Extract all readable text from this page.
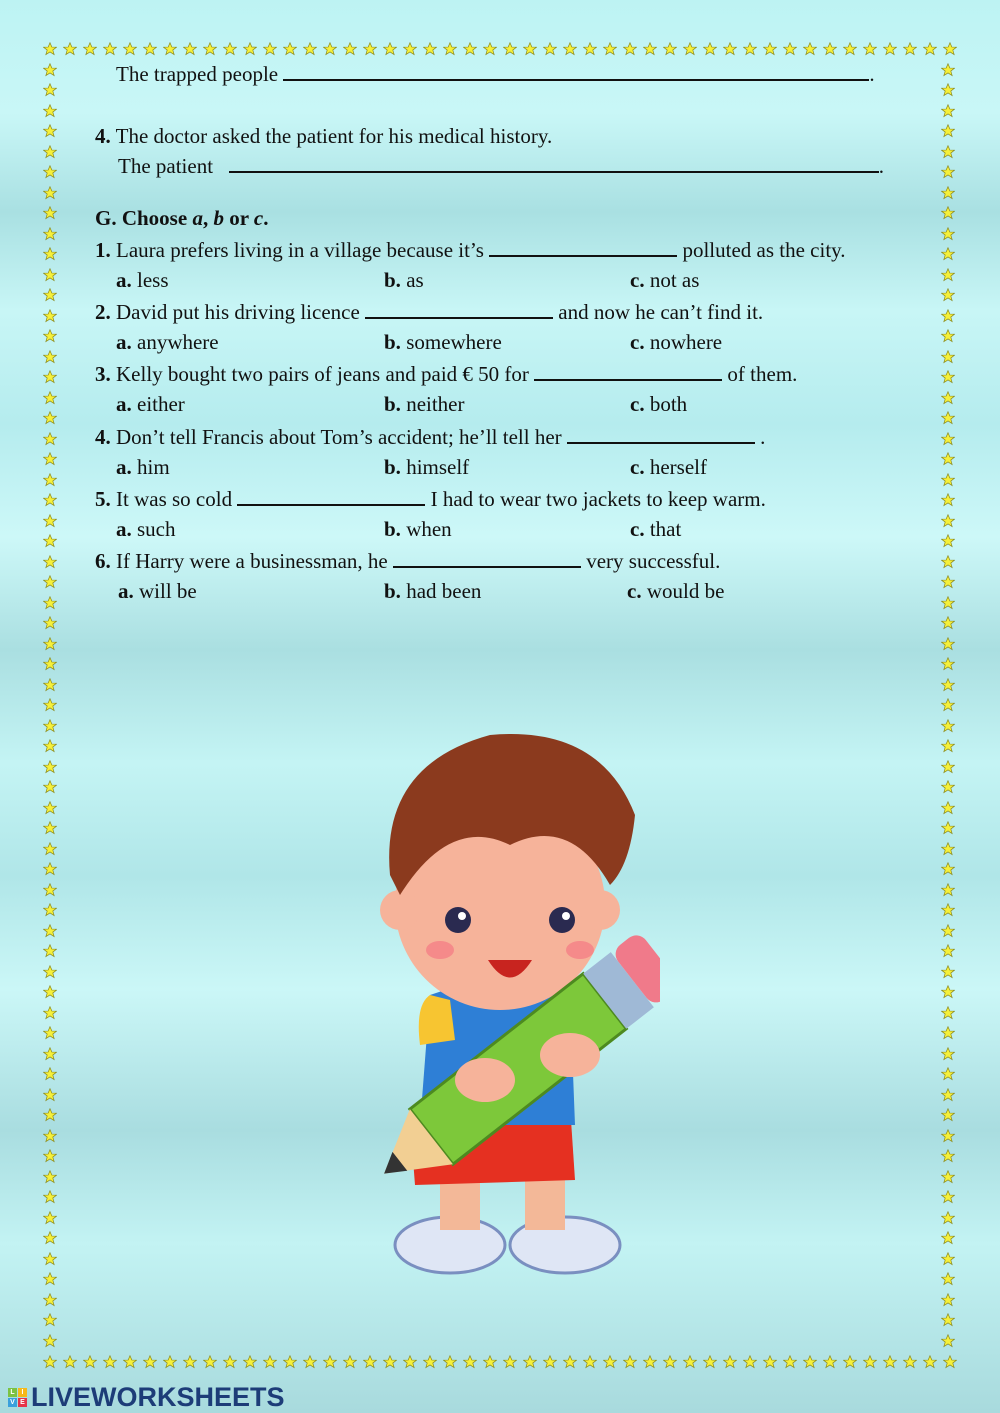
The trapped people	.
4. The doctor asked the patient for his medical history.
The patient	.
G. Choose a, b or c.
1. Laura prefers living in a village because it’s	polluted as the city.
a. less	b. as	c. not as
2. David put his driving licence	and now he can’t find it.
a. anywhere	b. somewhere	c. nowhere
3. Kelly bought two pairs of jeans and paid € 50 for	of them.
a. either	b. neither	c. both
4. Don’t tell Francis about Tom’s accident; he’ll tell her	.
a. him	b. himself	c. herself
5. It was so cold	I had to wear two jackets to keep warm.
a. such	b. when	c. that
6. If Harry were a businessman, he	very successful.
a. will be	b. had been	c. would be
L I
V E LIVEWORKSHEETS
